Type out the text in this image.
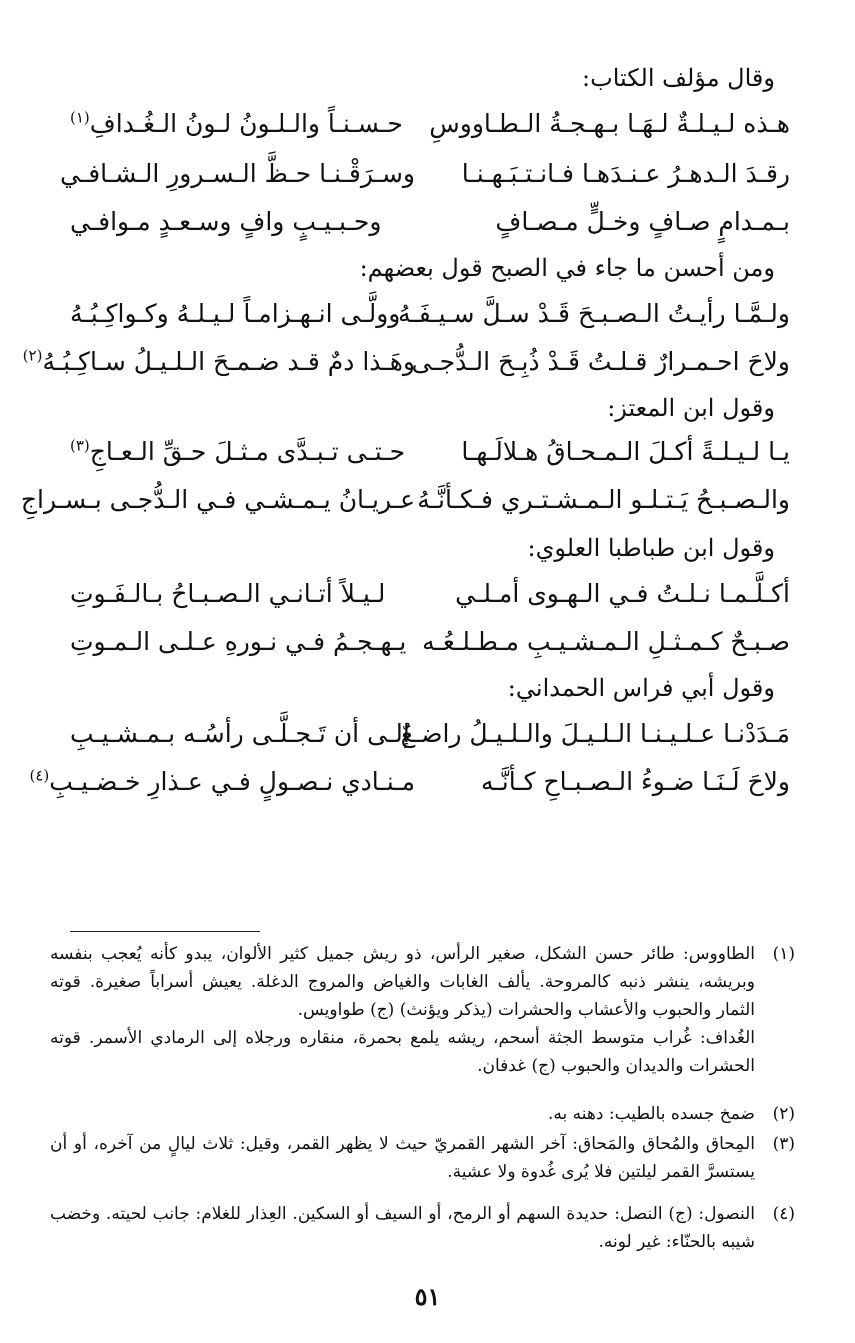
وقال مؤلف الكتاب:
هـذه لـيـلـةٌ لـهَـا بـهـجـةُ الـطـاووسِ
حـسـنـاً والـلـونُ لـونُ الـغُـدافِ$^{(١)}$
رقـدَ الـدهـرُ عـنـدَهـا فـانـتـبَـهـنـا
وسـرَقْـنـا حـظَّ الـسـرورِ الـشـافـي
بـمـدامٍ صـافٍ وخـلٍّ مـصـافٍ
وحـبـيـبٍ وافٍ وسـعـدٍ مـوافـي
ومن أحسن ما جاء في الصبح قول بعضهم:
ولـمَّـا رأيـتُ الـصـبـحَ قَـدْ سـلَّ سـيـفَـهُ
وولَّـى انـهـزامـاً لـيـلـهُ وكـواكِـبُـهُ
ولاحَ احـمـرارٌ قـلـتُ قَـدْ ذُبِـحَ الـدُّجـى
وهَـذا دمٌ قـد ضـمـحَ الـلـيـلُ سـاكِـبُـهُ$^{(٢)}$
وقول ابن المعتز:
يـا لـيـلـةً أكـلَ الـمـحـاقُ هـلالَـهـا
حـتـى تـبـدَّى مـثـلَ حـقِّ الـعـاجِ$^{(٣)}$
والـصـبـحُ يَـتـلـو الـمـشـتـري فـكـأنَّـهُ
عـريـانُ يـمـشـي فـي الـدُّجـى بـسـراجِ
وقول ابن طباطبا العلوي:
أكـلَّـمـا نـلـتُ فـي الـهـوى أمـلـي
لـيـلاً أتـانـي الـصـبـاحُ بـالـفَـوتِ
صـبـحٌ كـمـثـلِ الـمـشـيـبِ مـطـلـعُـه
يـهـجـمُ فـي نـورهِ عـلـى الـمـوتِ
وقول أبي فراس الحمداني:
مَـدَدْنـا عـلـيـنـا الـلـيـلَ والـلـيـلُ راضـعٌ
إلـى أن تَـجـلَّـى رأسُـه بـمـشـيـبِ
ولاحَ لَـنَـا ضـوءُ الـصـبـاحِ كـأنَّـه
مـنـادي نـصـولٍ فـي عـذارِ خـضـيـبِ$^{(٤)}$
(١)
الطاووس: طائر حسن الشكل، صغير الرأس، ذو ريش جميل كثير الألوان، يبدو كأنه يُعجب بنفسه وبريشه، ينشر ذنبه كالمروحة. يألف الغابات والغياض والمروج الدغلة. يعيش أسراباً صغيرة. قوته الثمار والحبوب والأعشاب والحشرات (يذكر ويؤنث) (ج) طواويس.
الغُداف: غُراب متوسط الجثة أسحم، ريشه يلمع بحمرة، منقاره ورجلاه إلى الرمادي الأسمر. قوته الحشرات والديدان والحبوب (ج) غدفان.
(٢)
ضمخ جسده بالطيب: دهنه به.
(٣)
المِحاق والمُحاق والمَحاق: آخر الشهر القمريّ حيث لا يظهر القمر، وقيل: ثلاث ليالٍ من آخره، أو أن يستسرَّ القمر ليلتين فلا يُرى غُدوة ولا عشية.
(٤)
النصول: (ج) النصل: حديدة السهم أو الرمح، أو السيف أو السكين. العِذار للغلام: جانب لحيته. وخضب شيبه بالحنّاء: غير لونه.
٥١
